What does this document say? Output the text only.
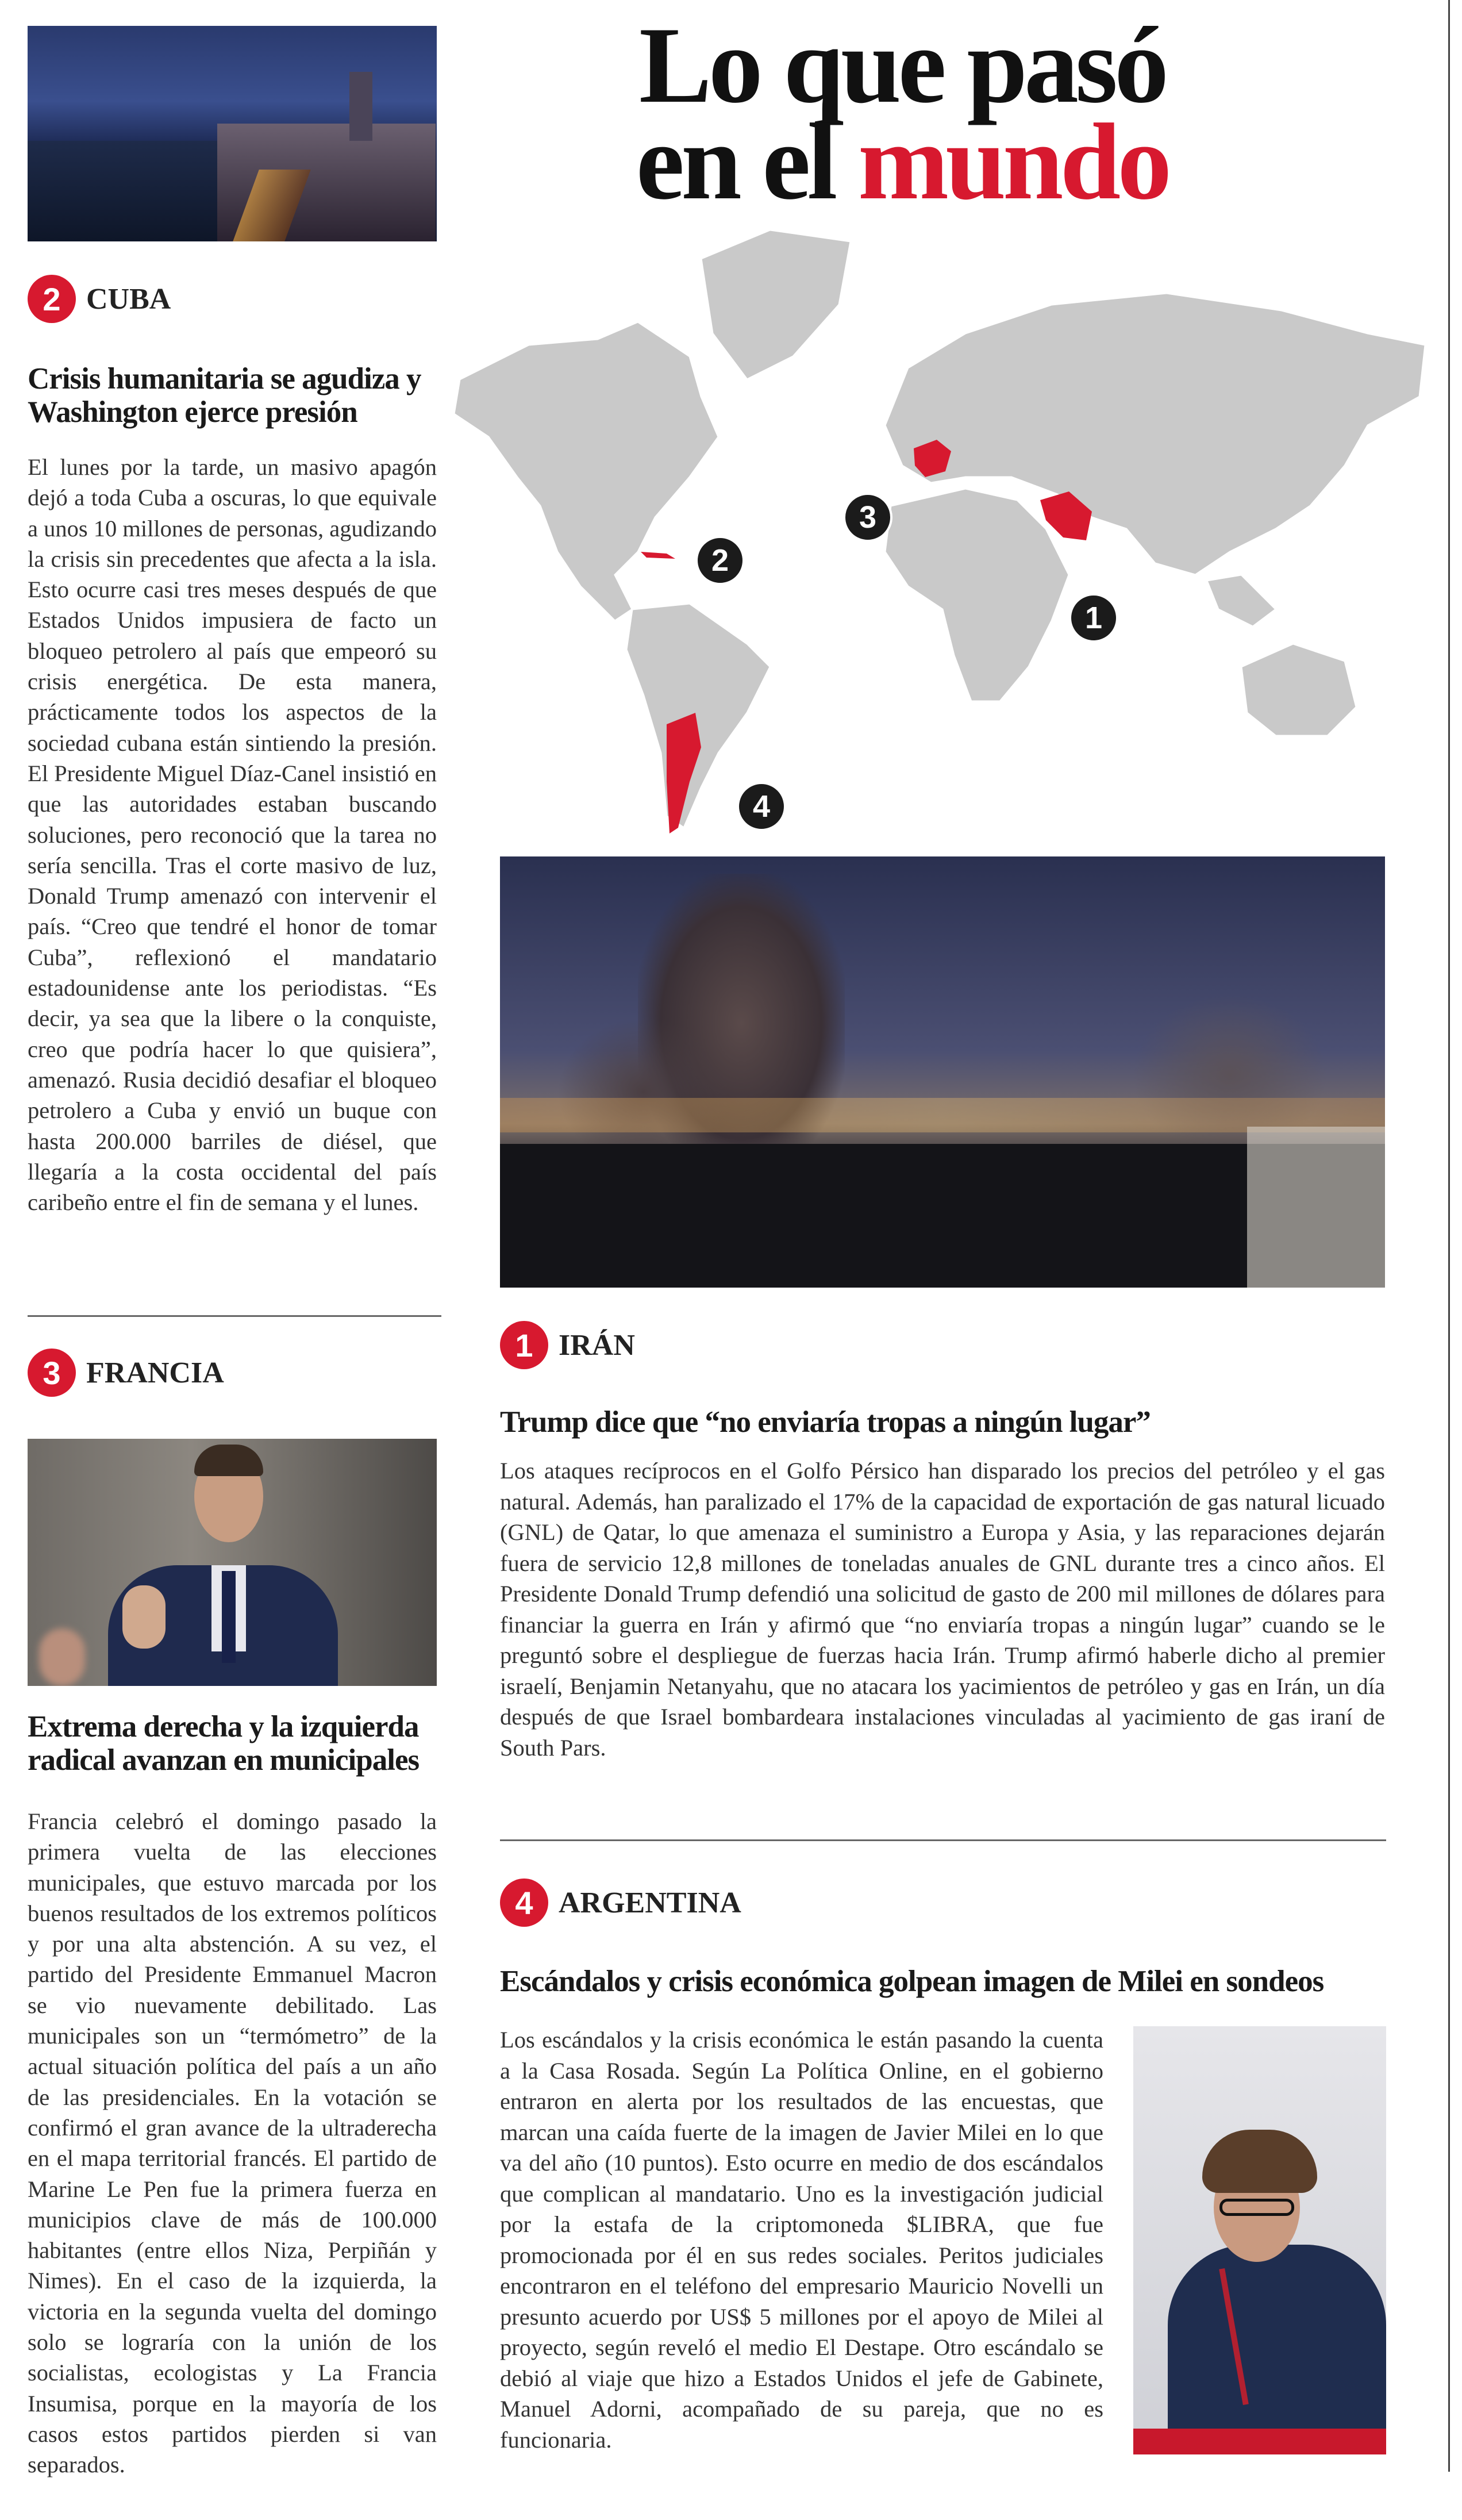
2 CUBA
Crisis humanitaria se agudiza y Washington ejerce presión
El lunes por la tarde, un masivo apagón dejó a toda Cuba a oscuras, lo que equivale a unos 10 millones de personas, agudizando la crisis sin precedentes que afecta a la isla. Esto ocurre casi tres meses después de que Estados Unidos impusiera de facto un bloqueo petrolero al país que empeoró su crisis energética. De esta manera, prácticamente todos los aspectos de la sociedad cubana están sintiendo la presión. El Presidente Miguel Díaz-Canel insistió en que las autoridades estaban buscando soluciones, pero reconoció que la tarea no sería sencilla. Tras el corte masivo de luz, Donald Trump amenazó con intervenir el país. “Creo que tendré el honor de tomar Cuba”, reflexionó el mandatario estadounidense ante los periodistas. “Es decir, ya sea que la libere o la conquiste, creo que podría hacer lo que quisiera”, amenazó. Rusia decidió desafiar el bloqueo petrolero a Cuba y envió un buque con hasta 200.000 barriles de diésel, que llegaría a la costa occidental del país caribeño entre el fin de semana y el lunes.
3 FRANCIA
Extrema derecha y la izquierda radical avanzan en municipales
Francia celebró el domingo pasado la primera vuelta de las elecciones municipales, que estuvo marcada por los buenos resultados de los extremos políticos y por una alta abstención. A su vez, el partido del Presidente Emmanuel Macron se vio nuevamente debilitado. Las municipales son un “termómetro” de la actual situación política del país a un año de las presidenciales. En la votación se confirmó el gran avance de la ultraderecha en el mapa territorial francés. El partido de Marine Le Pen fue la primera fuerza en municipios clave de más de 100.000 habitantes (entre ellos Niza, Perpiñán y Nimes). En el caso de la izquierda, la victoria en la segunda vuelta del domingo solo se lograría con la unión de los socialistas, ecologistas y La Francia Insumisa, porque en la mayoría de los casos estos partidos pierden si van separados.
Lo que pasó
en el mundo
1
2
3
4
1 IRÁN
Trump dice que “no enviaría tropas a ningún lugar”
Los ataques recíprocos en el Golfo Pérsico han disparado los precios del petróleo y el gas natural. Además, han paralizado el 17% de la capacidad de exportación de gas natural licuado (GNL) de Qatar, lo que amenaza el suministro a Europa y Asia, y las reparaciones dejarán fuera de servicio 12,8 millones de toneladas anuales de GNL durante tres a cinco años. El Presidente Donald Trump defendió una solicitud de gasto de 200 mil millones de dólares para financiar la guerra en Irán y afirmó que “no enviaría tropas a ningún lugar” cuando se le preguntó sobre el despliegue de fuerzas hacia Irán. Trump afirmó haberle dicho al premier israelí, Benjamin Netanyahu, que no atacara los yacimientos de petróleo y gas en Irán, un día después de que Israel bombardeara instalaciones vinculadas al yacimiento de gas iraní de South Pars.
4 ARGENTINA
Escándalos y crisis económica golpean imagen de Milei en sondeos
Los escándalos y la crisis económica le están pasando la cuenta a la Casa Rosada. Según La Política Online, en el gobierno entraron en alerta por los resultados de las encuestas, que marcan una caída fuerte de la imagen de Javier Milei en lo que va del año (10 puntos). Esto ocurre en medio de dos escándalos que complican al mandatario. Uno es la investigación judicial por la estafa de la criptomoneda $LIBRA, que fue promocionada por él en sus redes sociales. Peritos judiciales encontraron en el teléfono del empresario Mauricio Novelli un presunto acuerdo por US$ 5 millones por el apoyo de Milei al proyecto, según reveló el medio El Destape. Otro escándalo se debió al viaje que hizo a Estados Unidos el jefe de Gabinete, Manuel Adorni, acompañado de su pareja, que no es funcionaria.
